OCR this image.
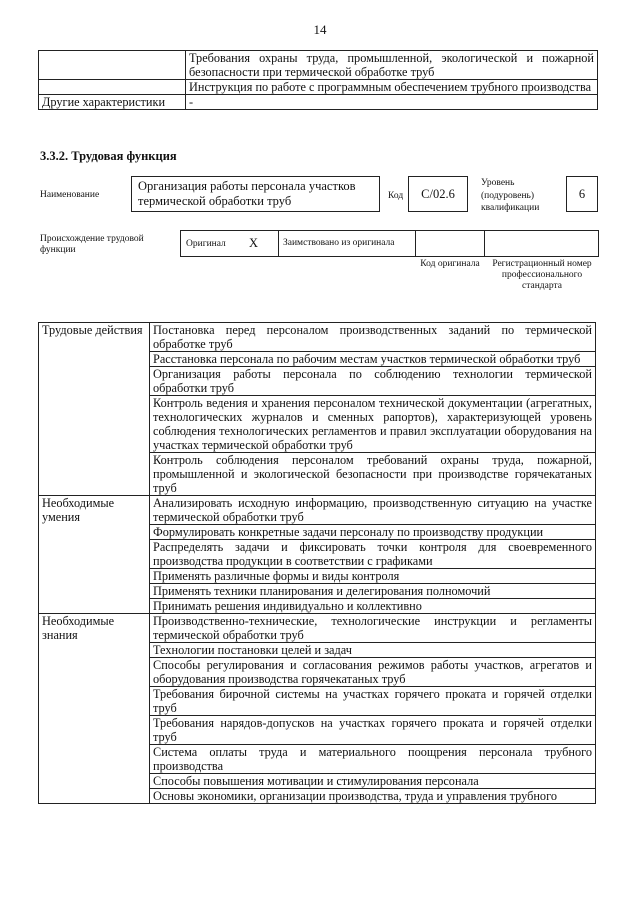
14
	Требования охраны труда, промышленной, экологической и пожарной безопасности при термической обработке труб
	Инструкция по работе с программным обеспечением трубного производства
Другие характеристики	-
3.3.2. Трудовая функция
Наименование
Организация работы персонала участков термической обработки труб	Код	C/02.6
Уровень (подуровень) квалификации
6
Происхождение трудовой функции
Оригинал X	Заимствовано из оригинала
Код оригинала	Регистрационный номер профессионального стандарта
Трудовые действия	Постановка перед персоналом производственных заданий по термической обработке труб
	Расстановка персонала по рабочим местам участков термической обработки труб
	Организация работы персонала по соблюдению технологии термической обработки труб
	Контроль ведения и хранения персоналом технической документации (агрегатных, технологических журналов и сменных рапортов), характеризующей уровень соблюдения технологических регламентов и правил эксплуатации оборудования на участках термической обработки труб
	Контроль соблюдения персоналом требований охраны труда, пожарной, промышленной и экологической безопасности при производстве горячекатаных труб
Необходимые умения	Анализировать исходную информацию, производственную ситуацию на участке термической обработки труб
	Формулировать конкретные задачи персоналу по производству продукции
	Распределять задачи и фиксировать точки контроля для своевременного производства продукции в соответствии с графиками
	Применять различные формы и виды контроля
	Применять техники планирования и делегирования полномочий
	Принимать решения индивидуально и коллективно
Необходимые знания	Производственно-технические, технологические инструкции и регламенты термической обработки труб
	Технологии постановки целей и задач
	Способы регулирования и согласования режимов работы участков, агрегатов и оборудования производства горячекатаных труб
	Требования бирочной системы на участках горячего проката и горячей отделки труб
	Требования нарядов-допусков на участках горячего проката и горячей отделки труб
	Система оплаты труда и материального поощрения персонала трубного производства
	Способы повышения мотивации и стимулирования персонала
	Основы экономики, организации производства, труда и управления трубного
